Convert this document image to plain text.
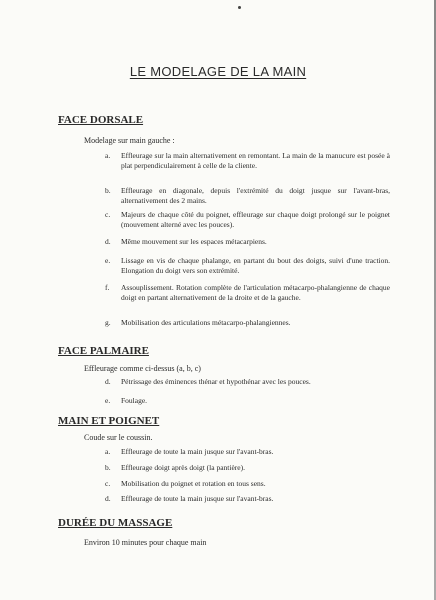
LE MODELAGE DE LA MAIN
FACE DORSALE
Modelage sur main gauche :
a.	Effleurage sur la main alternativement en remontant. La main de la manucure est posée à plat perpendiculairement à celle de la cliente.
b.	Effleurage en diagonale, depuis l'extrémité du doigt jusque sur l'avant-bras, alternativement des 2 mains.
c.	Majeurs de chaque côté du poignet, effleurage sur chaque doigt prolongé sur le poignet (mouvement alterné avec les pouces).
d.	Même mouvement sur les espaces métacarpiens.
e.	Lissage en vis de chaque phalange, en partant du bout des doigts, suivi d'une traction. Elongation du doigt vers son extrémité.
f.	Assouplissement. Rotation complète de l'articulation métacarpo-phalangienne de chaque doigt en partant alternativement de la droite et de la gauche.
g.	Mobilisation des articulations métacarpo-phalangiennes.
FACE PALMAIRE
Effleurage comme ci-dessus (a, b, c)
d.	Pétrissage des éminences thénar et hypothénar avec les pouces.
e.	Foulage.
MAIN ET POIGNET
Coude sur le coussin.
a.	Effleurage de toute la main jusque sur l'avant-bras.
b.	Effleurage doigt après doigt (la pantière).
c.	Mobilisation du poignet et rotation en tous sens.
d.	Effleurage de toute la main jusque sur l'avant-bras.
DURÉE DU MASSAGE
Environ 10 minutes pour chaque main
